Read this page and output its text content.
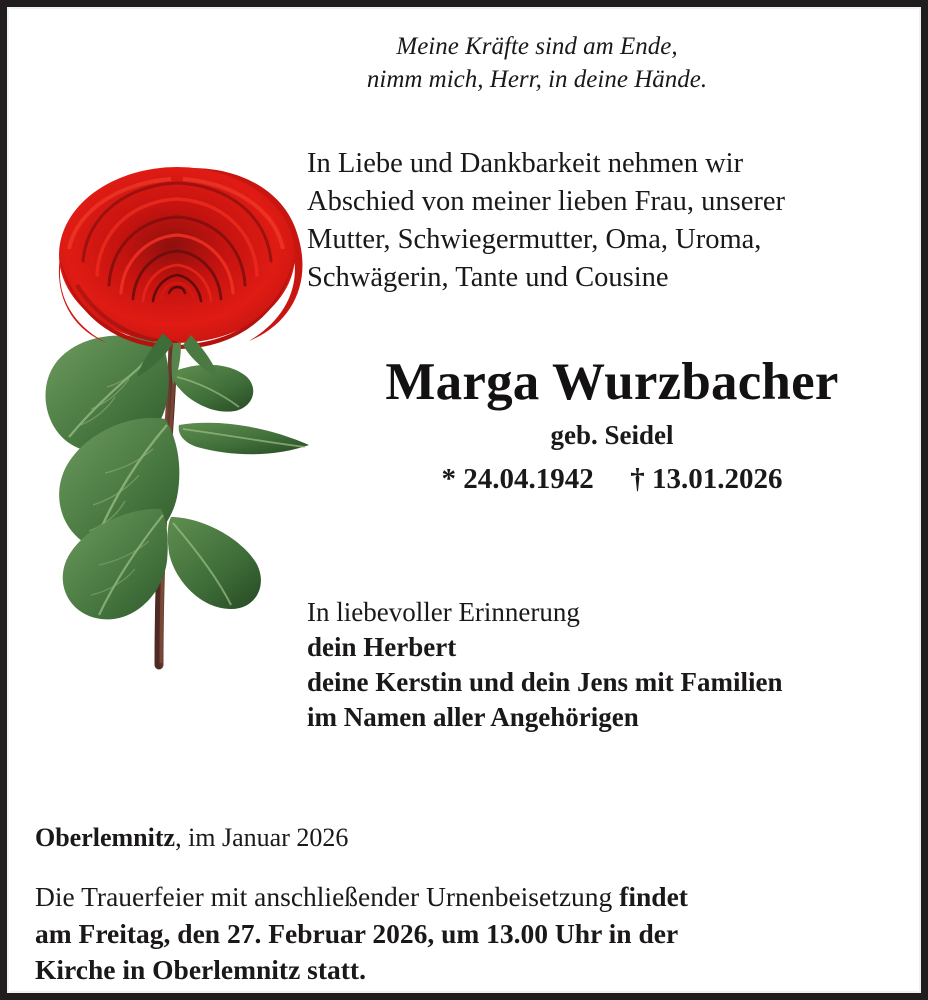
Meine Kräfte sind am Ende,
nimm mich, Herr, in deine Hände.
In Liebe und Dankbarkeit nehmen wir
Abschied von meiner lieben Frau, unserer
Mutter, Schwiegermutter, Oma, Uroma,
Schwägerin, Tante und Cousine
Marga Wurzbacher
geb. Seidel
* 24.04.1942 † 13.01.2026
In liebevoller Erinnerung
dein Herbert
deine Kerstin und dein Jens mit Familien
im Namen aller Angehörigen
Oberlemnitz, im Januar 2026
Die Trauerfeier mit anschließender Urnenbeisetzung findet
am Freitag, den 27. Februar 2026, um 13.00 Uhr in der
Kirche in Oberlemnitz statt.
